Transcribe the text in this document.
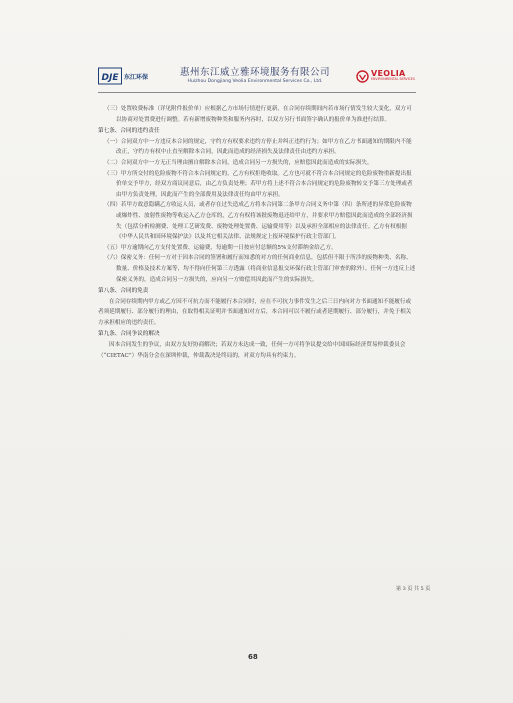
DJE 东江环保	惠州东江威立雅环境服务有限公司
Huizhou Dongjiang Veolia Environmental Services Co., Ltd.
VEOLIA
ENVIRONMENTAL SERVICES

（三）处置收费标准（详见附件报价单）应根据乙方市场行情进行更新，在合同存续期间内若市场行情发生较大变化，双方可以协商对处置费进行调整。若有新增废物种类和服务内容时，以双方另行书面签字确认的报价单为准进行结算。

第七条、合同的违约责任

（一）合同双方中一方违反本合同的规定，守约方有权要求违约方停止并纠正违约行为；如甲方在乙方书面通知的期限内不能改正，守约方有权中止直至解除本合同，因此而造成的经济损失及法律责任由违约方承担。

（二）合同双方中一方无正当理由擅自解除本合同，造成合同另一方损失的，应赔偿因此而造成的实际损失。

（三）甲方所交付的危险废物不符合本合同规定的，乙方有权拒绝收取。乙方也可就不符合本合同规定的危险废物重新提出报价单交予甲方，经双方商议同意后，由乙方负责处理；若甲方将上述不符合本合同规定的危险废物转交予第三方处理或者由甲方负责处理，因此而产生的全部费用及法律责任均由甲方承担。

（四）若甲方故意隐瞒乙方收运人员，或者存在过失造成乙方将本合同第二条甲方合同义务中第（四）条所述的异常危险废物或爆炸性、放射性废物等收运入乙方仓库的，乙方有权将该批废物退还给甲方，并要求甲方赔偿因此而造成的全部经济损失（包括分析检测费、处理工艺研发费、废物处理处置费、运输费用等）以及承担全部相应的法律责任。乙方有权根据《中华人民共和国环境保护法》以及其它相关法律、法规规定上报环境保护行政主管部门。

（五）甲方逾期向乙方支付处置费、运输费，每逾期一日按应付总额的5%支付滞纳金给乙方。

（六）保密义务：任何一方对于因本合同的签署和履行而知悉的对方的任何商业信息，包括但不限于所涉的废物种类、名称、数量、价格及技术方案等，均不得向任何第三方透露（将商业信息报交环保行政主管部门审查的除外）。任何一方违反上述保密义务的，造成合同另一方损失的，应向另一方赔偿其因此而产生的实际损失。

第八条、合同的免责

在合同存续期内甲方或乙方因不可抗力而不能履行本合同时，应在不可抗力事件发生之后三日内向对方书面通知不能履行或者须延期履行、部分履行的理由，在取得相关证明并书面通知对方后，本合同可以不履行或者延期履行、部分履行，并免于相关方承担相应的违约责任。

第九条、合同争议的解决

因本合同发生的争议，由双方友好协商解决；若双方未达成一致，任何一方可将争议提交给中国国际经济贸易仲裁委员会（“CIETAC”）华南分会在深圳仲裁，仲裁裁决是终局的，对双方均具有约束力。

第 3 页 共 5 页
68
